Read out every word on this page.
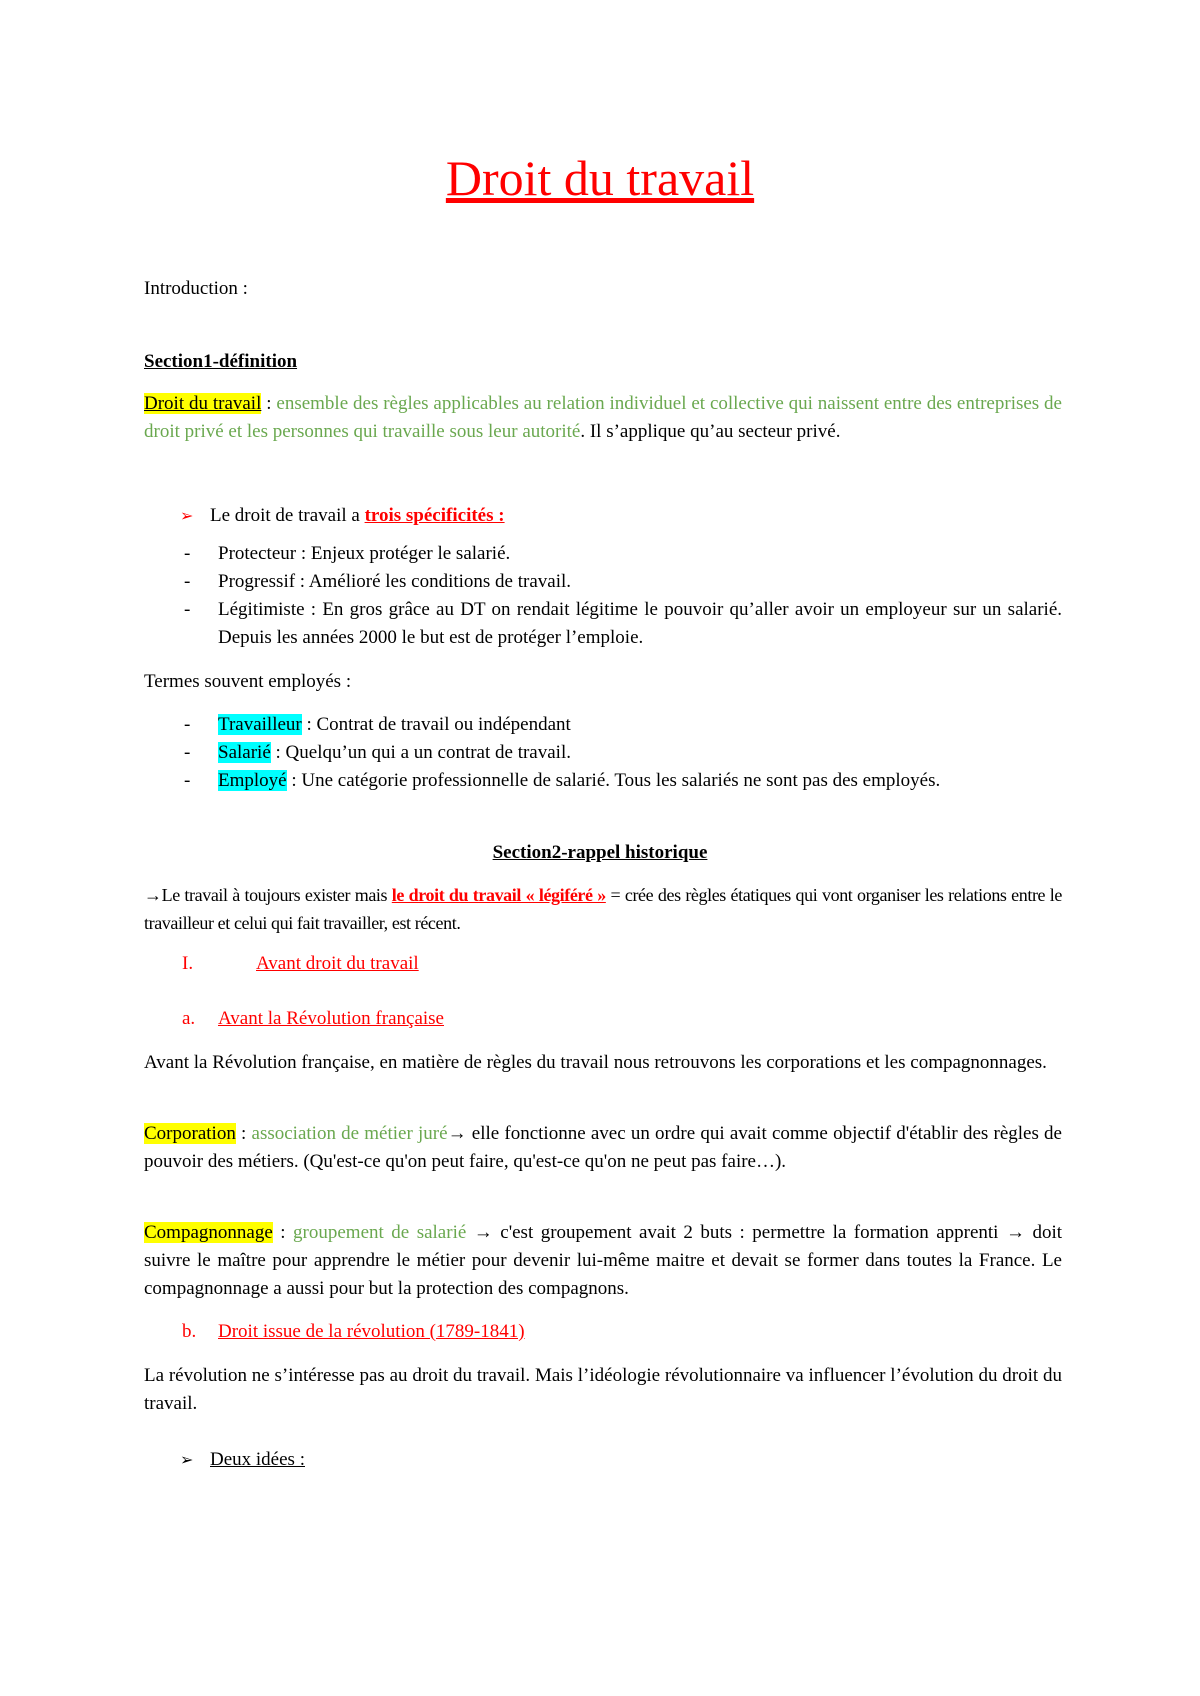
Droit du travail

Introduction :

Section1-définition

Droit du travail : ensemble des règles applicables au relation individuel et collective qui naissent entre des entreprises de droit privé et les personnes qui travaille sous leur autorité. Il s’applique qu’au secteur privé.

➢ Le droit de travail a trois spécificités :

- Protecteur : Enjeux protéger le salarié.
- Progressif : Amélioré les conditions de travail.
- Légitimiste : En gros grâce au DT on rendait légitime le pouvoir qu’aller avoir un employeur sur un salarié. Depuis les années 2000 le but est de protéger l’emploie.

Termes souvent employés :

- Travailleur : Contrat de travail ou indépendant
- Salarié : Quelqu’un qui a un contrat de travail.
- Employé : Une catégorie professionnelle de salarié. Tous les salariés ne sont pas des employés.

Section2-rappel historique

→Le travail à toujours exister mais le droit du travail « légiféré » = crée des règles étatiques qui vont organiser les relations entre le travailleur et celui qui fait travailler, est récent.

I.	Avant droit du travail

a. Avant la Révolution française

Avant la Révolution française, en matière de règles du travail nous retrouvons les corporations et les compagnonnages.

Corporation : association de métier juré→ elle fonctionne avec un ordre qui avait comme objectif d'établir des règles de pouvoir des métiers. (Qu'est-ce qu'on peut faire, qu'est-ce qu'on ne peut pas faire…).

Compagnonnage : groupement de salarié → c'est groupement avait 2 buts : permettre la formation apprenti → doit suivre le maître pour apprendre le métier pour devenir lui-même maitre et devait se former dans toutes la France. Le compagnonnage a aussi pour but la protection des compagnons.

b. Droit issue de la révolution (1789-1841)

La révolution ne s’intéresse pas au droit du travail. Mais l’idéologie révolutionnaire va influencer l’évolution du droit du travail.

➢ Deux idées :
